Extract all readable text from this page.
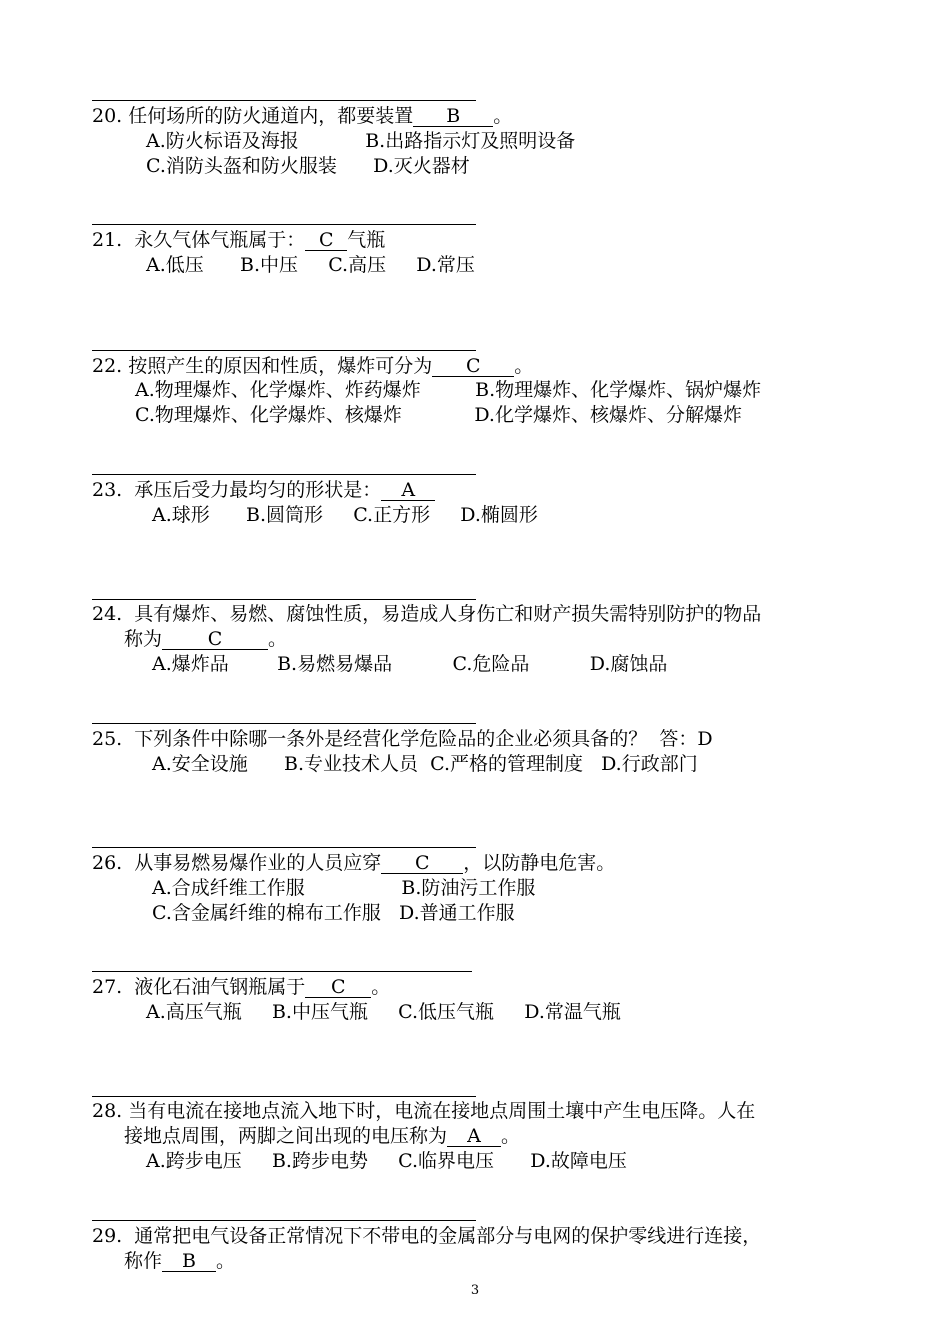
20. 任何场所的防火通道内，都要装置 B 。
A.防火标语及海报           B.出路指示灯及照明设备
C.消防头盔和防火服装      D.灭火器材
21.  永久气体气瓶属于： C 气瓶
A.低压      B.中压     C.高压     D.常压
22. 按照产生的原因和性质，爆炸可分为 C 。
A.物理爆炸、化学爆炸、炸药爆炸         B.物理爆炸、化学爆炸、锅炉爆炸
C.物理爆炸、化学爆炸、核爆炸            D.化学爆炸、核爆炸、分解爆炸
23.  承压后受力最均匀的形状是： A
A.球形      B.圆筒形     C.正方形     D.椭圆形
24.  具有爆炸、易燃、腐蚀性质，易造成人身伤亡和财产损失需特别防护的物品
称为 C 。
A.爆炸品        B.易燃易爆品          C.危险品          D.腐蚀品
25.  下列条件中除哪一条外是经营化学危险品的企业必须具备的？  答：D
A.安全设施      B.专业技术人员  C.严格的管理制度   D.行政部门
26.  从事易燃易爆作业的人员应穿 C ，以防静电危害。
A.合成纤维工作服                B.防油污工作服
C.含金属纤维的棉布工作服   D.普通工作服
27.  液化石油气钢瓶属于 C 。
A.高压气瓶     B.中压气瓶     C.低压气瓶     D.常温气瓶
28. 当有电流在接地点流入地下时，电流在接地点周围土壤中产生电压降。人在
接地点周围，两脚之间出现的电压称为 A 。
A.跨步电压     B.跨步电势     C.临界电压      D.故障电压
29.  通常把电气设备正常情况下不带电的金属部分与电网的保护零线进行连接，
称作 B 。
3
